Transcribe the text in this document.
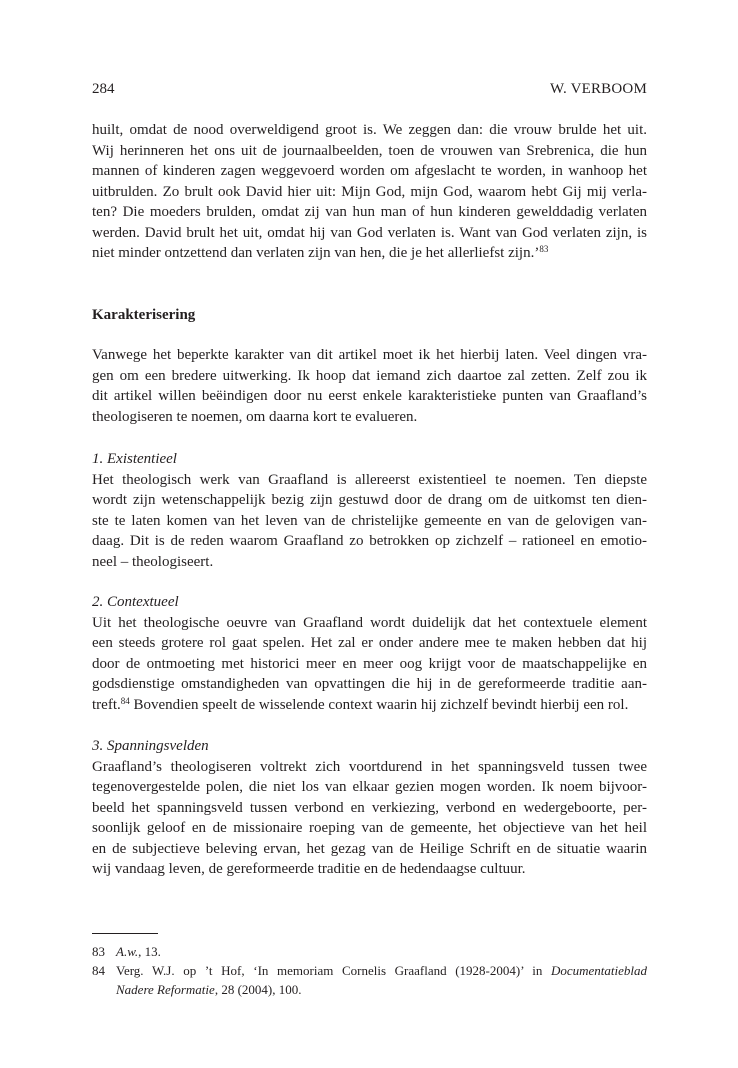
284	W. VERBOOM
huilt, omdat de nood overweldigend groot is. We zeggen dan: die vrouw brulde het uit.
Wij herinneren het ons uit de journaalbeelden, toen de vrouwen van Srebrenica, die hun
mannen of kinderen zagen weggevoerd worden om afgeslacht te worden, in wanhoop het
uitbrulden. Zo brult ook David hier uit: Mijn God, mijn God, waarom hebt Gij mij verla-
ten? Die moeders brulden, omdat zij van hun man of hun kinderen gewelddadig verlaten
werden. David brult het uit, omdat hij van God verlaten is. Want van God verlaten zijn, is
niet minder ontzettend dan verlaten zijn van hen, die je het allerliefst zijn.’$^{83}$
Karakterisering
Vanwege het beperkte karakter van dit artikel moet ik het hierbij laten. Veel dingen vra-
gen om een bredere uitwerking. Ik hoop dat iemand zich daartoe zal zetten. Zelf zou ik
dit artikel willen beëindigen door nu eerst enkele karakteristieke punten van Graafland’s
theologiseren te noemen, om daarna kort te evalueren.
1. Existentieel
Het theologisch werk van Graafland is allereerst existentieel te noemen. Ten diepste
wordt zijn wetenschappelijk bezig zijn gestuwd door de drang om de uitkomst ten dien-
ste te laten komen van het leven van de christelijke gemeente en van de gelovigen van-
daag. Dit is de reden waarom Graafland zo betrokken op zichzelf – rationeel en emotio-
neel – theologiseert.
2. Contextueel
Uit het theologische oeuvre van Graafland wordt duidelijk dat het contextuele element
een steeds grotere rol gaat spelen. Het zal er onder andere mee te maken hebben dat hij
door de ontmoeting met historici meer en meer oog krijgt voor de maatschappelijke en
godsdienstige omstandigheden van opvattingen die hij in de gereformeerde traditie aan-
treft.$^{84}$ Bovendien speelt de wisselende context waarin hij zichzelf bevindt hierbij een rol.
3. Spanningsvelden
Graafland’s theologiseren voltrekt zich voortdurend in het spanningsveld tussen twee
tegenovergestelde polen, die niet los van elkaar gezien mogen worden. Ik noem bijvoor-
beeld het spanningsveld tussen verbond en verkiezing, verbond en wedergeboorte, per-
soonlijk geloof en de missionaire roeping van de gemeente, het objectieve van het heil
en de subjectieve beleving ervan, het gezag van de Heilige Schrift en de situatie waarin
wij vandaag leven, de gereformeerde traditie en de hedendaagse cultuur.
83 A.w., 13.
84 Verg. W.J. op ’t Hof, ‘In memoriam Cornelis Graafland (1928-2004)’ in Documentatieblad
Nadere Reformatie, 28 (2004), 100.
